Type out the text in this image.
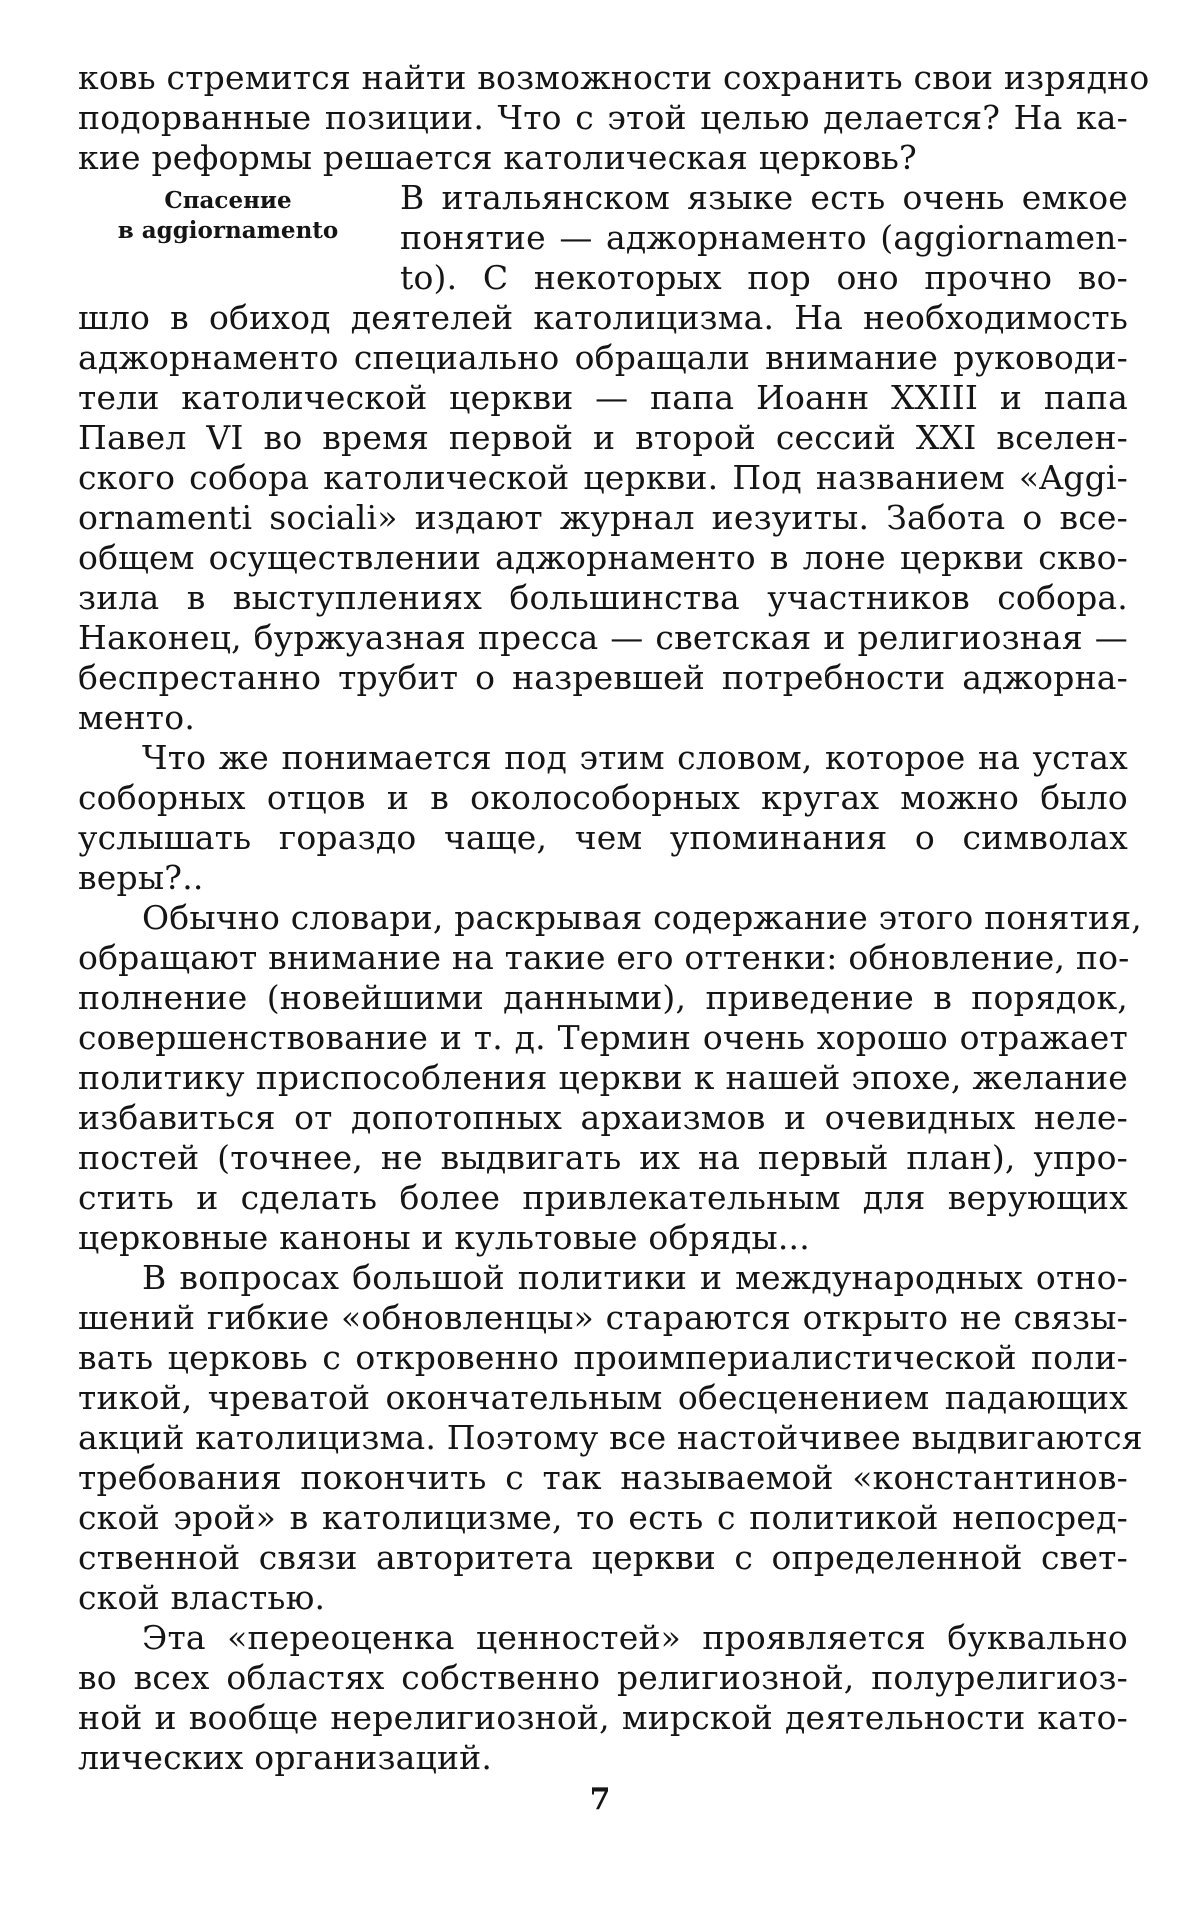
ковь стремится найти возможности сохранить свои изрядно
подорванные позиции. Что с этой целью делается? На ка-
кие реформы решается католическая церковь?
Спасение
в aggiornamento
В итальянском языке есть очень емкое
понятие — аджорнаменто (aggiornamen-
to). С некоторых пор оно прочно во-
шло в обиход деятелей католицизма. На необходимость
аджорнаменто специально обращали внимание руководи-
тели католической церкви — папа Иоанн XXIII и папа
Павел VI во время первой и второй сессий XXI вселен-
ского собора католической церкви. Под названием «Aggi-
ornamenti sociali» издают журнал иезуиты. Забота о все-
общем осуществлении аджорнаменто в лоне церкви сквo-
зила в выступлениях большинства участников собора.
Наконец, буржуазная пресса — светская и религиозная —
беспрестанно трубит о назревшей потребности аджорна-
менто.
Что же понимается под этим словом, которое на устах
соборных отцов и в околособорных кругах можно было
услышать гораздо чаще, чем упоминания о символах
веры?..
Обычно словари, раскрывая содержание этого понятия,
обращают внимание на такие его оттенки: обновление, по-
полнение (новейшими данными), приведение в порядок,
совершенствование и т. д. Термин очень хорошо отражает
политику приспособления церкви к нашей эпохе, желание
избавиться от допотопных архаизмов и очевидных неле-
постей (точнее, не выдвигать их на первый план), упро-
стить и сделать более привлекательным для верующих
церковные каноны и культовые обряды...
В вопросах большой политики и международных отно-
шений гибкие «обновленцы» стараются открыто не связы-
вать церковь с откровенно проимпериалистической поли-
тикой, чреватой окончательным обесценением падающих
акций католицизма. Поэтому все настойчивее выдвигаются
требования покончить с так называемой «константинов-
ской эрой» в католицизме, то есть с политикой непосред-
ственной связи авторитета церкви с определенной свет-
ской властью.
Эта «переоценка ценностей» проявляется буквально
во всех областях собственно религиозной, полурелигиоз-
ной и вообще нерелигиозной, мирской деятельности като-
лических организаций.
7
